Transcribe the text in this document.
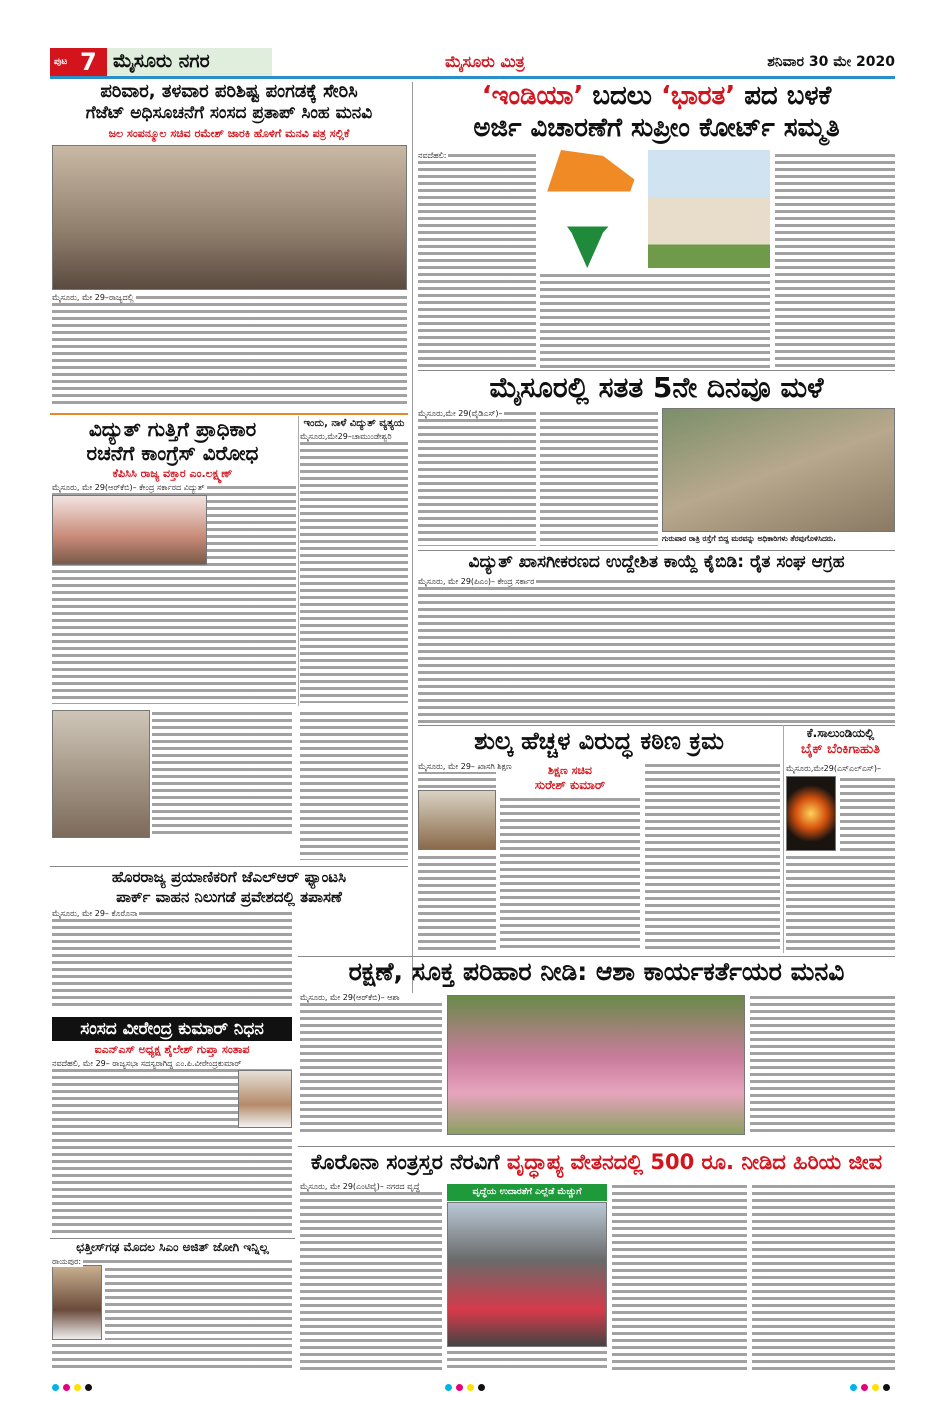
ಪುಟ 7 ಮೈಸೂರು ನಗರ	ಮೈಸೂರು ಮಿತ್ರ	ಶನಿವಾರ 30 ಮೇ 2020
ಪರಿವಾರ, ತಳವಾರ ಪರಿಶಿಷ್ಟ ಪಂಗಡಕ್ಕೆ ಸೇರಿಸಿ
ಗೆಜೆಟ್ ಅಧಿಸೂಚನೆಗೆ ಸಂಸದ ಪ್ರತಾಪ್ ಸಿಂಹ ಮನವಿ
ಜಲ ಸಂಪನ್ಮೂಲ ಸಚಿವ ರಮೇಶ್ ಜಾರಕಿ ಹೊಳಿಗೆ ಮನವಿ ಪತ್ರ ಸಲ್ಲಿಕೆ
ಮೈಸೂರು, ಮೇ 29–ರಾಜ್ಯದಲ್ಲಿ
‘ಇಂಡಿಯಾ’ ಬದಲು ‘ಭಾರತ’ ಪದ ಬಳಕೆ
ಅರ್ಜಿ ವಿಚಾರಣೆಗೆ ಸುಪ್ರೀಂ ಕೋರ್ಟ್ ಸಮ್ಮತಿ
ನವದೆಹಲಿ:
ಮೈಸೂರಲ್ಲಿ ಸತತ 5ನೇ ದಿನವೂ ಮಳೆ
ಮೈಸೂರು,ಮೇ 29(ವೈಡಿಎಸ್)–
ಗುರುವಾರ ರಾತ್ರಿ ರಸ್ತೆಗೆ ಬಿದ್ದ ಮರವನ್ನು ಅಧಿಕಾರಿಗಳು ತೆರವುಗೊಳಿಸಿದರು.
ವಿದ್ಯುತ್ ಖಾಸಗೀಕರಣದ ಉದ್ದೇಶಿತ ಕಾಯ್ದೆ ಕೈಬಿಡಿ: ರೈತ ಸಂಘ ಆಗ್ರಹ
ಮೈಸೂರು, ಮೇ 29(ಪಿಎಂ)– ಕೇಂದ್ರ ಸರ್ಕಾರ
ವಿದ್ಯುತ್ ಗುತ್ತಿಗೆ ಪ್ರಾಧಿಕಾರ
ರಚನೆಗೆ ಕಾಂಗ್ರೆಸ್ ವಿರೋಧ
ಕೆಪಿಸಿಸಿ ರಾಜ್ಯ ವಕ್ತಾರ ಎಂ.ಲಕ್ಷ್ಮಣ್
ಮೈಸೂರು, ಮೇ 29(ಆರ್‌ಕೆಬಿ)– ಕೇಂದ್ರ ಸರ್ಕಾರದ ವಿದ್ಯುತ್
ಇಂದು, ನಾಳೆ ವಿದ್ಯುತ್ ವ್ಯತ್ಯಯ
ಮೈಸೂರು,ಮೇ29–ಚಾಮುಂಡೇಶ್ವರಿ
ಶುಲ್ಕ ಹೆಚ್ಚಳ ವಿರುದ್ಧ ಕಠಿಣ ಕ್ರಮ
ಶಿಕ್ಷಣ ಸಚಿವ
ಸುರೇಶ್ ಕುಮಾರ್
ಮೈಸೂರು, ಮೇ 29– ಖಾಸಗಿ ಶಿಕ್ಷಣ
ಕೆ.ಸಾಲುಂಡಿಯಲ್ಲಿ
ಬೈಕ್ ಬೆಂಕಿಗಾಹುತಿ
ಮೈಸೂರು,ಮೇ29(ಎಸ್‌ಎಲ್‌ಎಸ್)–
ಹೊರರಾಜ್ಯ ಪ್ರಯಾಣಿಕರಿಗೆ ಜೆಎಲ್‌ಆರ್ ಫ್ಯಾಂಟಸಿ
ಪಾರ್ಕ್ ವಾಹನ ನಿಲುಗಡೆ ಪ್ರವೇಶದಲ್ಲಿ ತಪಾಸಣೆ
ಮೈಸೂರು, ಮೇ 29– ಕೊರೊನಾ
ರಕ್ಷಣೆ, ಸೂಕ್ತ ಪರಿಹಾರ ನೀಡಿ: ಆಶಾ ಕಾರ್ಯಕರ್ತೆಯರ ಮನವಿ
ಮೈಸೂರು, ಮೇ 29(ಆರ್‌ಕೆಬಿ)– ಆಶಾ
ಸಂಸದ ವೀರೇಂದ್ರ ಕುಮಾರ್ ನಿಧನ
ಐಎನ್‌ಎಸ್ ಅಧ್ಯಕ್ಷ ಶೈಲೇಶ್ ಗುಪ್ತಾ ಸಂತಾಪ
ನವದೆಹಲಿ, ಮೇ 29– ರಾಜ್ಯಸಭಾ ಸದಸ್ಯರಾಗಿದ್ದ ಎಂ.ಪಿ.ವೀರೇಂದ್ರಕುಮಾರ್
ಛತ್ತೀಸ್‌ಗಢ ಮೊದಲ ಸಿಎಂ ಅಜಿತ್ ಜೋಗಿ ಇನ್ನಿಲ್ಲ
ರಾಯಪುರ:
ಕೊರೊನಾ ಸಂತ್ರಸ್ತರ ನೆರವಿಗೆ ವೃದ್ಧಾಪ್ಯ ವೇತನದಲ್ಲಿ 500 ರೂ. ನೀಡಿದ ಹಿರಿಯ ಜೀವ
ಮೈಸೂರು, ಮೇ 29(ಎಂಟಿವೈ)– ನಗರದ ವೃದ್ಧೆ
ವೃದ್ಧೆಯ ಉದಾರತೆಗೆ ಎಲ್ಲೆಡೆ ಮೆಚ್ಚುಗೆ
